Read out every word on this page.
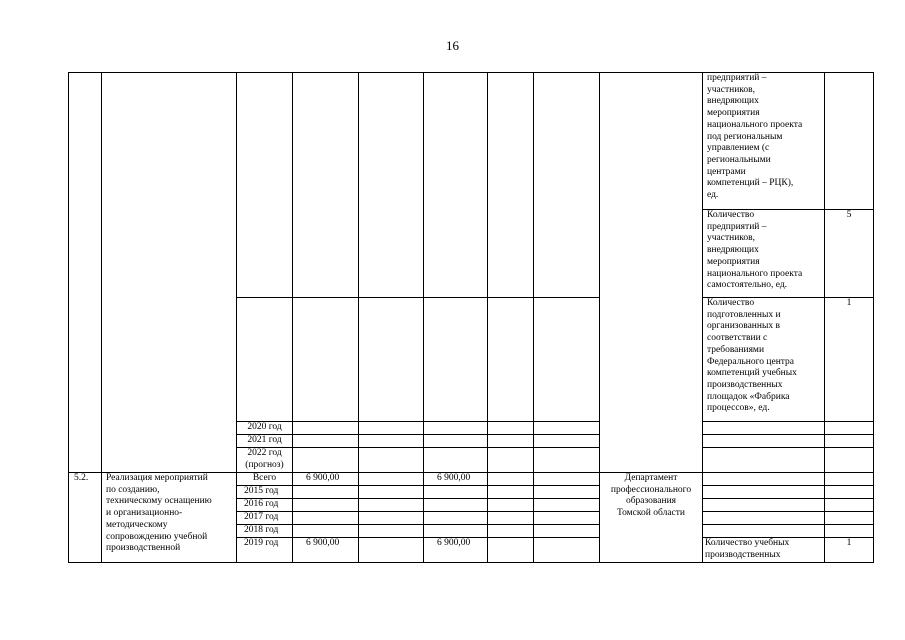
16
предприятий –
участников,
внедряющих
мероприятия
национального проекта
под региональным
управлением (с
региональными
центрами
компетенций – РЦК),
ед.
Количество
предприятий –
участников,
внедряющих
мероприятия
национального проекта
самостоятельно, ед.
5
Количество
подготовленных и
организованных в
соответствии с
требованиями
Федерального центра
компетенций учебных
производственных
площадок «Фабрика
процессов», ед.
1
2020 год
2021 год
2022 год
(прогноз)
5.2. Реализация мероприятий
по созданию,
техническому оснащению
и организационно-
методическому
сопровождению учебной
производственной
Всего
2015 год
2016 год
2017 год
2018 год
2019 год
6 900,00	6 900,00
6 900,00	6 900,00
Департамент
профессионального
образования
Томской области
Количество учебных
производственных
1
